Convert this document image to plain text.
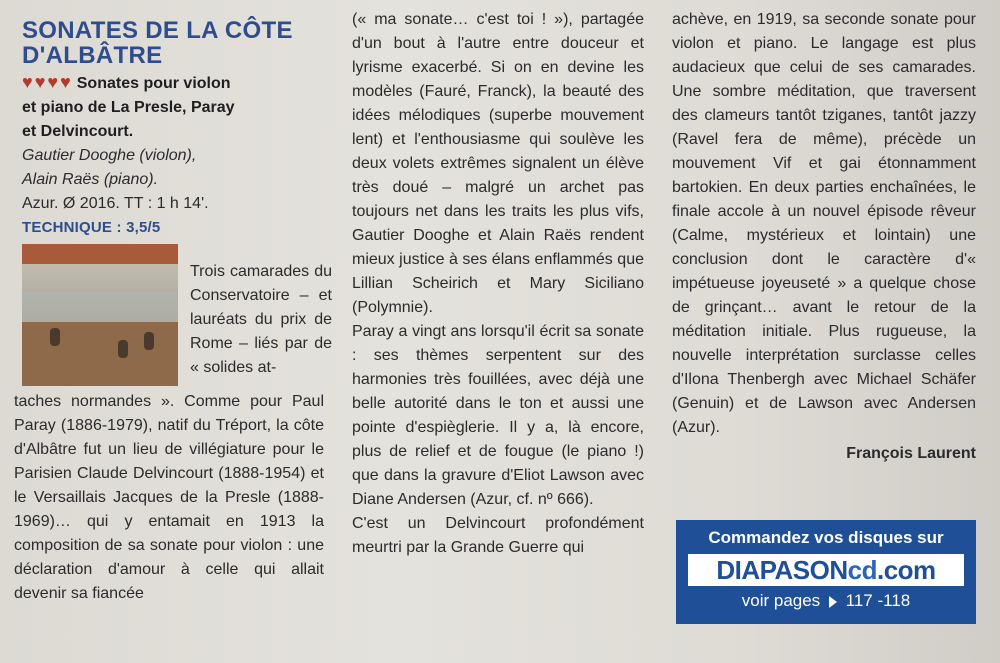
SONATES DE LA CÔTE
D'ALBÂTRE
♥♥♥♥ Sonates pour violon
et piano de La Presle, Paray
et Delvincourt.
Gautier Dooghe (violon),
Alain Raës (piano).
Azur. Ø 2016. TT : 1 h 14'.
TECHNIQUE : 3,5/5

Trois camarades du Conservatoire – et lauréats du prix de Rome – liés par de « solides at-

taches normandes ». Comme pour Paul Paray (1886-1979), natif du Tréport, la côte d'Albâtre fut un lieu de villégiature pour le Parisien Claude Delvincourt (1888-1954) et le Versaillais Jacques de la Presle (1888-1969)… qui y entamait en 1913 la composition de sa sonate pour violon : une déclaration d'amour à celle qui allait devenir sa fiancée

(« ma sonate… c'est toi ! »), partagée d'un bout à l'autre entre douceur et lyrisme exacerbé. Si on en devine les modèles (Fauré, Franck), la beauté des idées mélodiques (superbe mouvement lent) et l'enthousiasme qui soulève les deux volets extrêmes signalent un élève très doué – malgré un archet pas toujours net dans les traits les plus vifs, Gautier Dooghe et Alain Raës rendent mieux justice à ses élans enflammés que Lillian Scheirich et Mary Siciliano (Polymnie).

Paray a vingt ans lorsqu'il écrit sa sonate : ses thèmes serpentent sur des harmonies très fouillées, avec déjà une belle autorité dans le ton et aussi une pointe d'espièglerie. Il y a, là encore, plus de relief et de fougue (le piano !) que dans la gravure d'Eliot Lawson avec Diane Andersen (Azur, cf. nº 666).

C'est un Delvincourt profondément meurtri par la Grande Guerre qui

achève, en 1919, sa seconde sonate pour violon et piano. Le langage est plus audacieux que celui de ses camarades. Une sombre méditation, que traversent des clameurs tantôt tziganes, tantôt jazzy (Ravel fera de même), précède un mouvement Vif et gai étonnamment bartokien. En deux parties enchaînées, le finale accole à un nouvel épisode rêveur (Calme, mystérieux et lointain) une conclusion dont le caractère d'« impétueuse joyeuseté » a quelque chose de grinçant… avant le retour de la méditation initiale. Plus rugueuse, la nouvelle interprétation surclasse celles d'Ilona Thenbergh avec Michael Schäfer (Genuin) et de Lawson avec Andersen (Azur).

François Laurent
Commandez vos disques sur
DIAPASONcd.com
voir pages 117 -118
